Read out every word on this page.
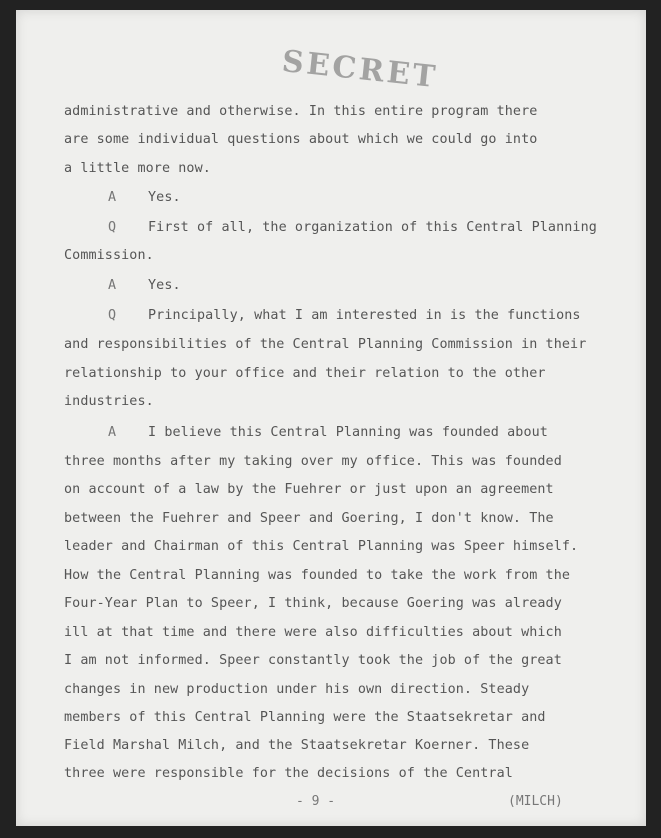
SECRET
administrative and otherwise. In this entire program there
are some individual questions about which we could go into
a little more now.
A Yes.
Q First of all, the organization of this Central Planning
Commission.
A Yes.
Q Principally, what I am interested in is the functions
and responsibilities of the Central Planning Commission in their
relationship to your office and their relation to the other
industries.
A I believe this Central Planning was founded about
three months after my taking over my office. This was founded
on account of a law by the Fuehrer or just upon an agreement
between the Fuehrer and Speer and Goering, I don't know. The
leader and Chairman of this Central Planning was Speer himself.
How the Central Planning was founded to take the work from the
Four-Year Plan to Speer, I think, because Goering was already
ill at that time and there were also difficulties about which
I am not informed. Speer constantly took the job of the great
changes in new production under his own direction. Steady
members of this Central Planning were the Staatsekretar and
Field Marshal Milch, and the Staatsekretar Koerner. These
three were responsible for the decisions of the Central
- 9 -	(MILCH)
